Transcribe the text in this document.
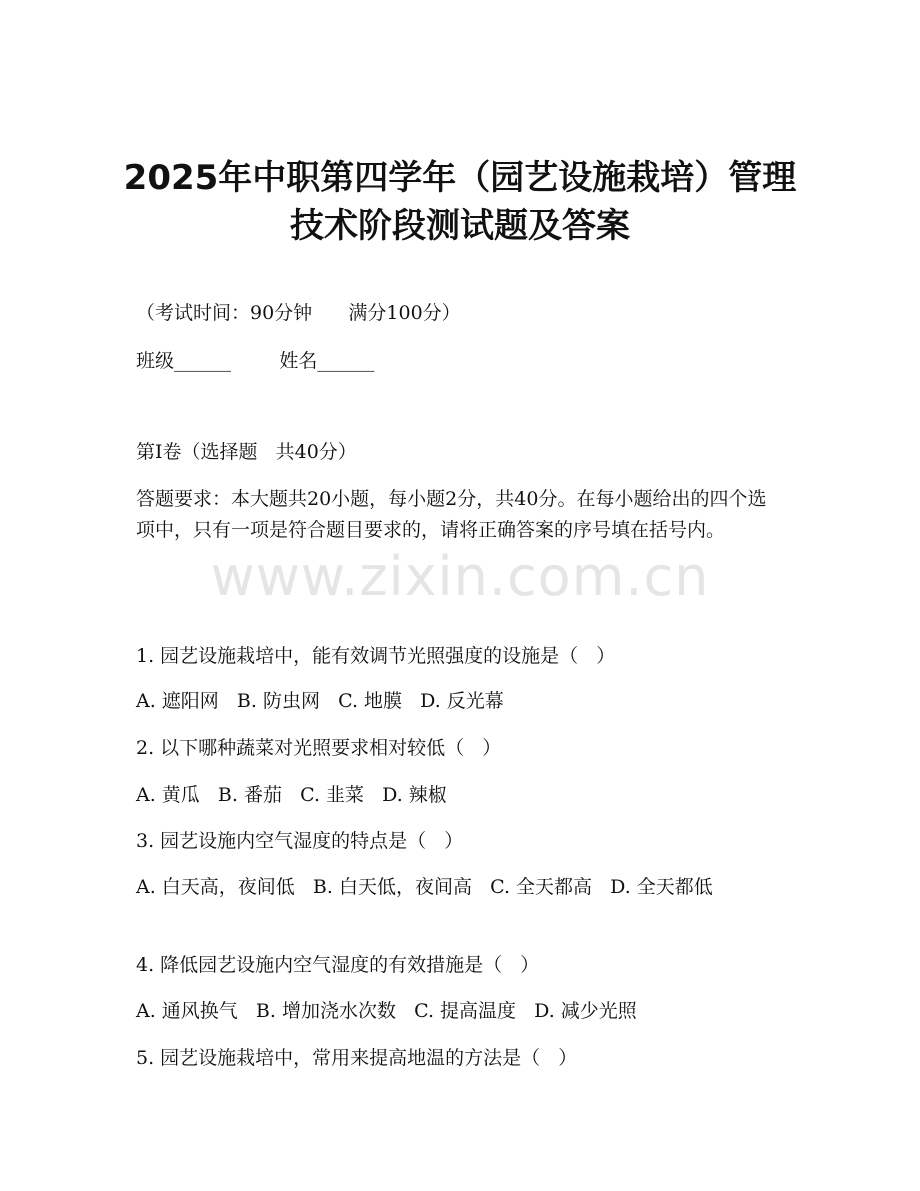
2025年中职第四学年（园艺设施栽培）管理
技术阶段测试题及答案
（考试时间：90分钟      满分100分）
班级______        姓名______
第I卷（选择题   共40分）
答题要求：本大题共20小题，每小题2分，共40分。在每小题给出的四个选项中，只有一项是符合题目要求的，请将正确答案的序号填在括号内。
1. 园艺设施栽培中，能有效调节光照强度的设施是（   ）
A. 遮阳网   B. 防虫网   C. 地膜   D. 反光幕
2. 以下哪种蔬菜对光照要求相对较低（   ）
A. 黄瓜   B. 番茄   C. 韭菜   D. 辣椒
3. 园艺设施内空气湿度的特点是（   ）
A. 白天高，夜间低   B. 白天低，夜间高   C. 全天都高   D. 全天都低
4. 降低园艺设施内空气湿度的有效措施是（   ）
A. 通风换气   B. 增加浇水次数   C. 提高温度   D. 减少光照
5. 园艺设施栽培中，常用来提高地温的方法是（   ）
www.zixin.com.cn
